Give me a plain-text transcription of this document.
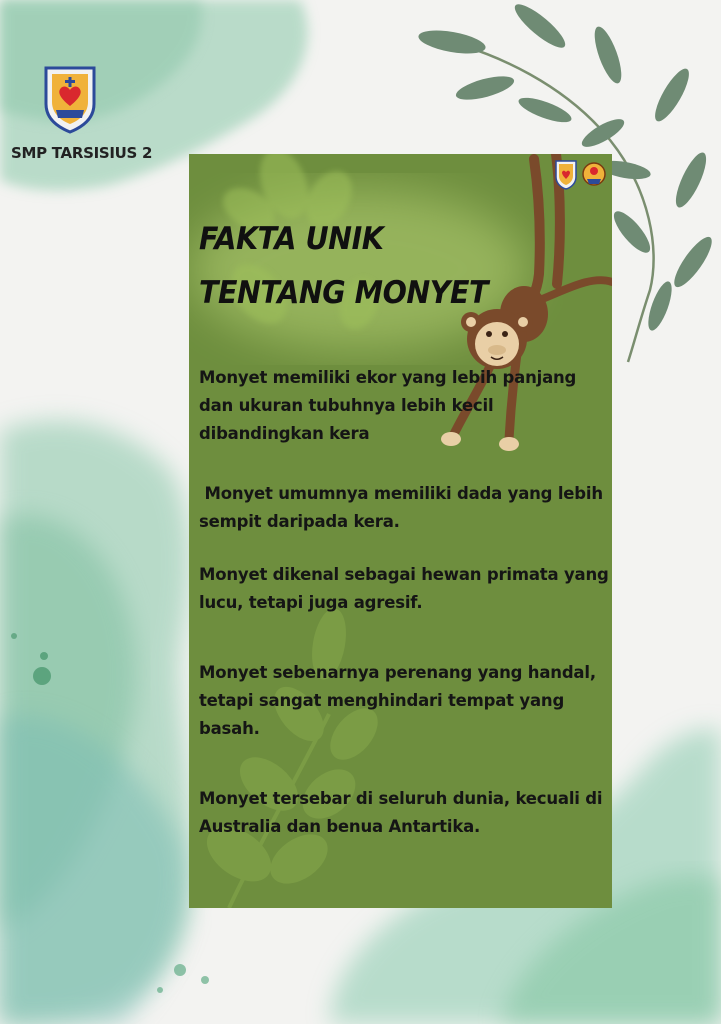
SMP TARSISIUS 2
FAKTA UNIK
TENTANG MONYET
Monyet memiliki ekor yang lebih panjang dan ukuran tubuhnya lebih kecil dibandingkan kera
Monyet umumnya memiliki dada yang lebih sempit daripada kera.
Monyet dikenal sebagai hewan primata yang lucu, tetapi juga agresif.
Monyet sebenarnya perenang yang handal, tetapi sangat menghindari tempat yang basah.
Monyet tersebar di seluruh dunia, kecuali di Australia dan benua Antartika.
